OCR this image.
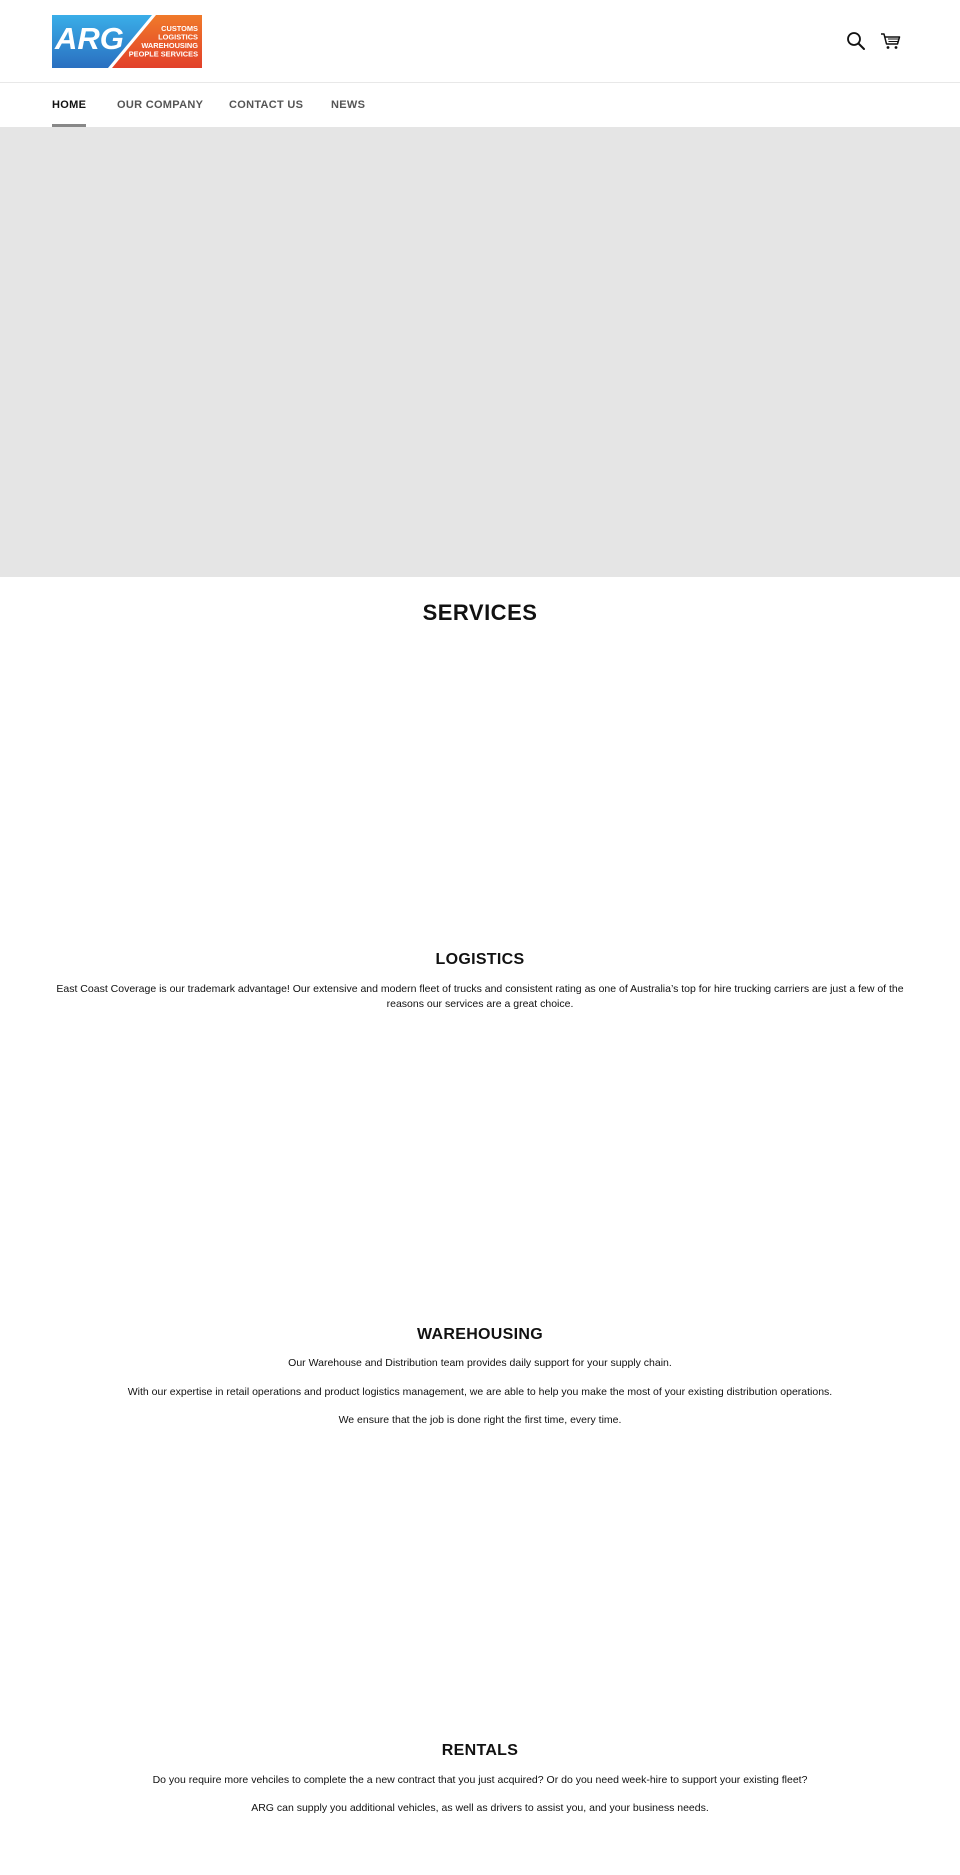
ARG	CUSTOMS
LOGISTICS
WAREHOUSING
PEOPLE SERVICES
HOME	OUR COMPANY CONTACT US	NEWS
SERVICES
LOGISTICS

East Coast Coverage is our trademark advantage! Our extensive and modern fleet of trucks and consistent rating as one of Australia’s top for hire trucking carriers are just a few of the reasons our services are a great choice.

WAREHOUSING

Our Warehouse and Distribution team provides daily support for your supply chain.

With our expertise in retail operations and product logistics management, we are able to help you make the most of your existing distribution operations.

We ensure that the job is done right the first time, every time.

RENTALS

Do you require more vehciles to complete the a new contract that you just acquired? Or do you need week-hire to support your existing fleet?

ARG can supply you additional vehicles, as well as drivers to assist you, and your business needs.
